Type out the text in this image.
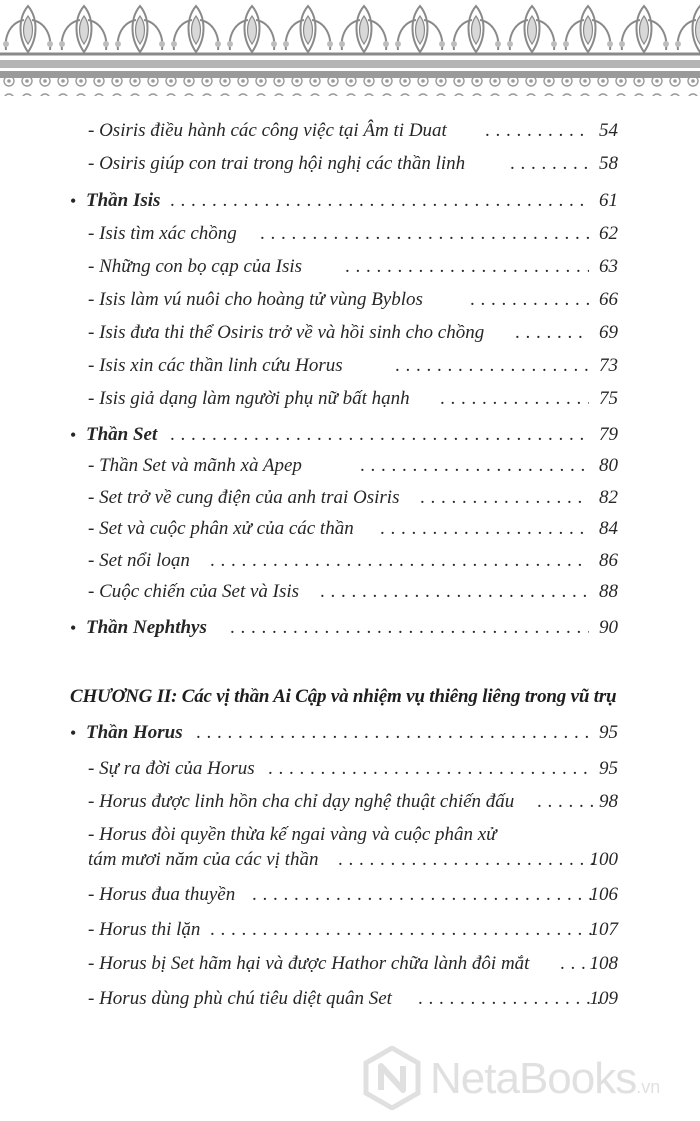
- Osiris điều hành các công việc tại Âm ti Duat . . .	54
- Osiris giúp con trai trong hội nghị các thần linh . . .	58
• Thần Isis . . .	61
- Isis tìm xác chồng . . .	62
- Những con bọ cạp của Isis . . .	63
- Isis làm vú nuôi cho hoàng tử vùng Byblos . . .	66
- Isis đưa thi thể Osiris trở về và hồi sinh cho chồng . . .	69
- Isis xin các thần linh cứu Horus . . .	73
- Isis giả dạng làm người phụ nữ bất hạnh . . .	75
• Thần Set . . .	79
- Thần Set và mãnh xà Apep . . .	80
- Set trở về cung điện của anh trai Osiris . . .	82
- Set và cuộc phân xử của các thần . . .	84
- Set nổi loạn . . .	86
- Cuộc chiến của Set và Isis . . .	88
• Thần Nephthys . . .	90
CHƯƠNG II: Các vị thần Ai Cập và nhiệm vụ thiêng liêng trong vũ trụ
• Thần Horus . . .	95
- Sự ra đời của Horus . . .	95
- Horus được linh hồn cha chỉ dạy nghệ thuật chiến đấu . . .	98
- Horus đòi quyền thừa kế ngai vàng và cuộc phân xử
tám mươi năm của các vị thần . . .	100
- Horus đua thuyền . . .	106
- Horus thi lặn . . .	107
- Horus bị Set hãm hại và được Hathor chữa lành đôi mắt . . .	108
- Horus dùng phù chú tiêu diệt quân Set . . .	109
NetaBooks.vn
